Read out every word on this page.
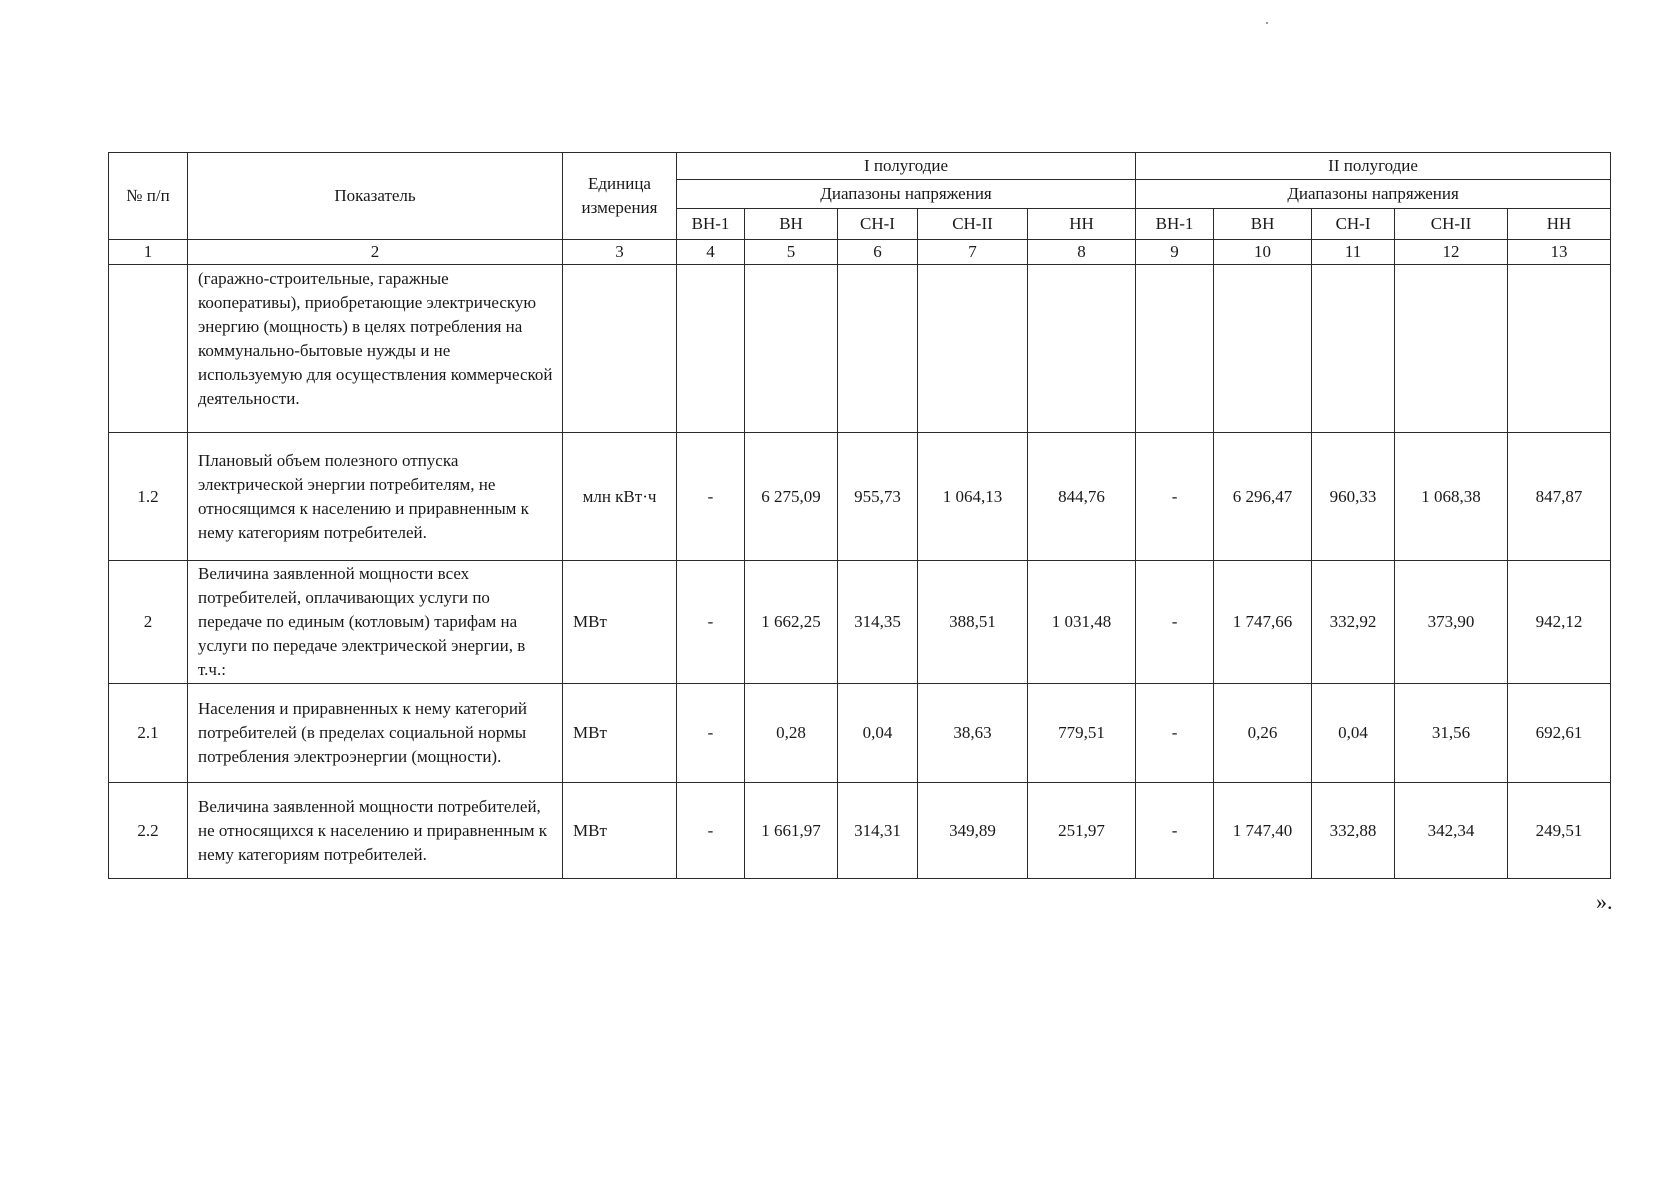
№ п/п	Показатель	Единица измерения	I полугодие					II полугодие				
			Диапазоны напряжения					Диапазоны напряжения				
			ВН-1	ВН	СН-I	СН-II	НН	ВН-1	ВН	СН-I	СН-II	НН
1	2	3	4	5	6	7	8	9	10	11	12	13
	(гаражно-строительные, гаражные кооперативы), приобретающие электрическую энергию (мощность) в целях потребления на коммунально-бытовые нужды и не используемую для осуществления коммерческой деятельности.											
1.2	Плановый объем полезного отпуска электрической энергии потребителям, не относящимся к населению и приравненным к нему категориям потребителей.	млн кВт·ч	-	6 275,09	955,73	1 064,13	844,76	-	6 296,47	960,33	1 068,38	847,87
2	Величина заявленной мощности всех потребителей, оплачивающих услуги по передаче по единым (котловым) тарифам на услуги по передаче электрической энергии, в т.ч.:	МВт	-	1 662,25	314,35	388,51	1 031,48	-	1 747,66	332,92	373,90	942,12
2.1	Населения и приравненных к нему категорий потребителей (в пределах социальной нормы потребления электроэнергии (мощности).	МВт	-	0,28	0,04	38,63	779,51	-	0,26	0,04	31,56	692,61
2.2	Величина заявленной мощности потребителей, не относящихся к населению и приравненным к нему категориям потребителей.	МВт	-	1 661,97	314,31	349,89	251,97	-	1 747,40	332,88	342,34	249,51
».
